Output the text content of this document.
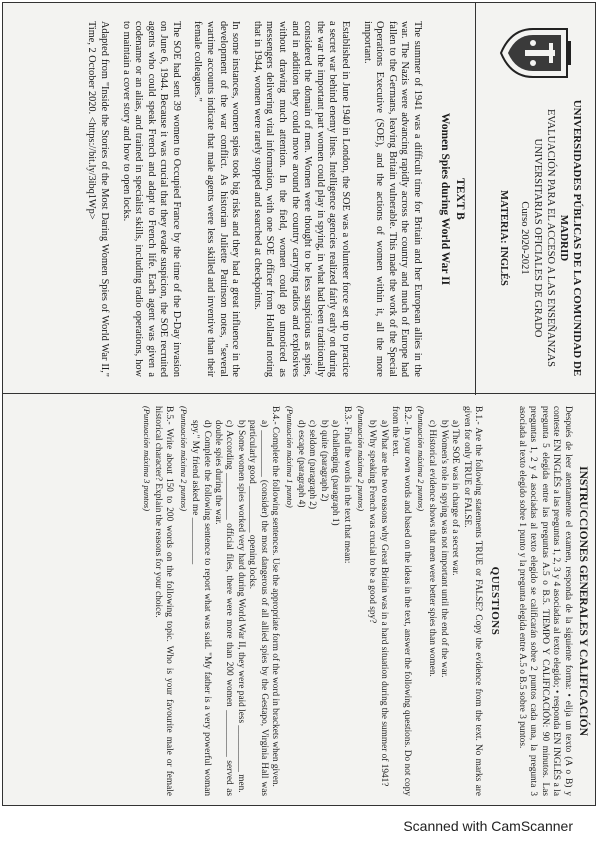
UNIVERSIDADES PÚBLICAS DE LA COMUNIDAD DE MADRID
EVALUACIÓN PARA EL ACCESO A LAS ENSEÑANZAS UNIVERSITARIAS OFICIALES DE GRADO
Curso 2020-2021
MATERIA: INGLÉS
TEXT B
Women Spies during World War II

The summer of 1941 was a difficult time for Britain and her European allies in the war. The Nazis were advancing rapidly across the country and much of Europe had fallen to the Germans, leaving Britain vulnerable. This made the work of the Special Operations Executive (SOE), and the actions of women within it, all the more important.

Established in June 1940 in London, the SOE was a volunteer force set up to practice a secret war behind enemy lines. Intelligence agencies realized fairly early on during the war the important part women could play in spying, in what had been traditionally considered the domain of men. Women were thought to be less suspicious as spies, and in addition they could move around the country carrying radios and explosives without drawing much attention. In the field, women could go unnoticed as messengers delivering vital information, with one SOE officer from Holland noting that in 1944, women were rarely stopped and searched at checkpoints.

In some instances, women spies took big risks and they had a great influence in the development of the war conflict. As historian Juliette Pattinson notes, "several wartime accounts indicate that male agents were less skilled and inventive than their female colleagues."

The SOE had sent 39 women to Occupied France by the time of the D-Day invasion on June 6, 1944. Because it was crucial that they evade suspicion, the SOE recruited agents who could speak French and adapt to French life. Each agent was given a codename or an alias, and trained in specialist skills, including radio operations, how to maintain a cover story and how to open locks.

Adapted from "Inside the Stories of the Most Daring Women Spies of World War II," Time, 2 October 2020. <https://bit.ly/3ibq1Wp>

INSTRUCCIONES GENERALES Y CALIFICACIÓN
Después de leer atentamente el examen, responda de la siguiente forma: • elija un texto (A o B) y conteste EN INGLÉS a las preguntas 1, 2, 3 y 4 asociadas al texto elegido; • responda EN INGLÉS a la pregunta 5 elegida entre las preguntas A.5 o B.5. TIEMPO Y CALIFICACIÓN: 90 minutos. Las preguntas 1, 2 y 4 asociadas al texto elegido se calificarán sobre 2 puntos cada una, la pregunta 3 asociada al texto elegido sobre 1 punto y la pregunta elegida entre A.5 o B.5 sobre 3 puntos.
QUESTIONS
B.1.- Are the following statements TRUE or FALSE? Copy the evidence from the text. No marks are given for only TRUE or FALSE.
a) The SOE was in charge of a secret war.
b) Women's role in spying was not important until the end of the war.
c) Historical evidence shows that men were better spies than women.
(Puntuación máxima 2 puntos)
B.2.- In your own words and based on the ideas in the text, answer the following questions. Do not copy from the text.
a) What are the two reasons why Great Britain was in a hard situation during the summer of 1941?
b) Why speaking French was crucial to be a good spy?
(Puntuación máxima 2 puntos)
B.3.- Find the words in the text that mean:
a) challenging (paragraph 1)
b) quite (paragraph 2)
c) seldom (paragraph 2)
d) escape (paragraph 4)
(Puntuación máxima 1 punto)
B.4.- Complete the following sentences. Use the appropriate form of the word in brackets when given.
a) __________ (consider) the most dangerous of all allied spies by the Gestapo, Virginia Hall was particularly good __________ opening locks.
b) Some women spies worked very hard during World War II, they were paid less __________ men.
c) According __________ official files, there were more than 200 women __________ served as double spies during the war.
d) Complete the following sentence to report what was said. "My father is a very powerful woman spy." My friend asked me __________
(Puntuación máxima 2 puntos)
B.5.- Write about 150 to 200 words on the following topic. Who is your favourite male or female historical character? Explain the reasons for your choice.
(Puntuación máxima 3 puntos)
Scanned with CamScanner
